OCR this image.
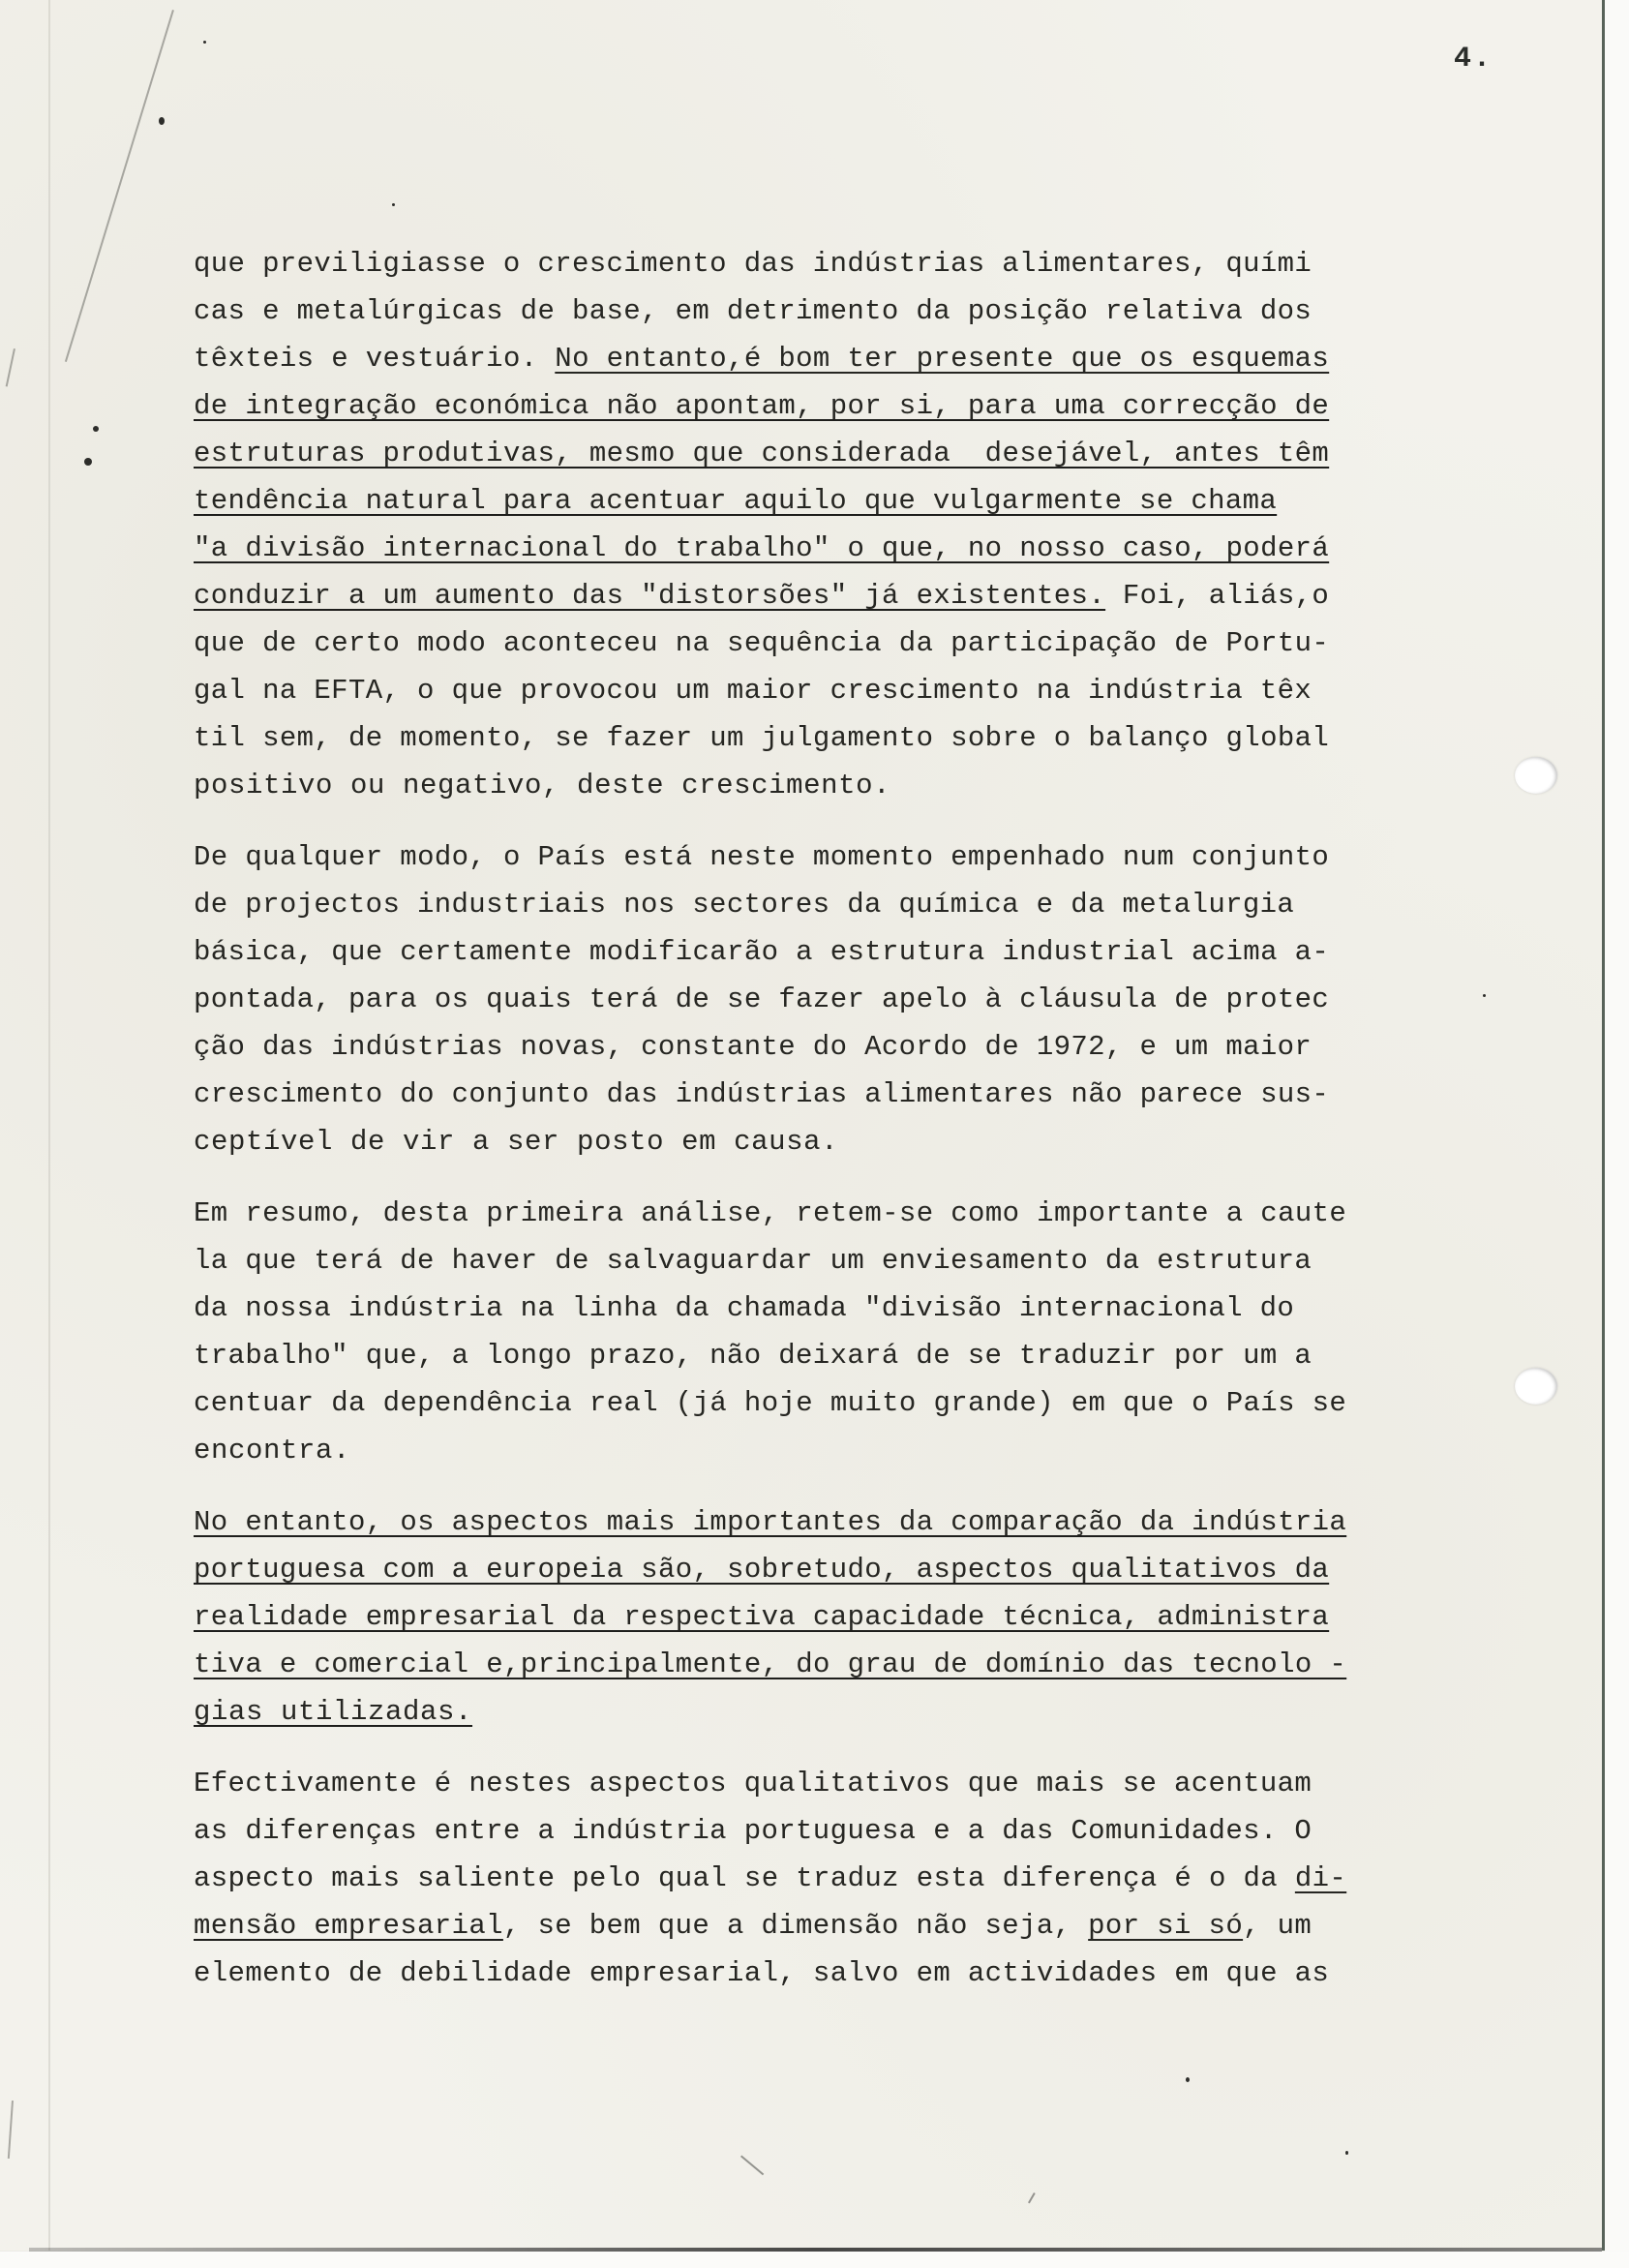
4.
que previligiasse o crescimento das indústrias alimentares, quími
cas e metalúrgicas de base, em detrimento da posição relativa dos
têxteis e vestuário. No entanto,é bom ter presente que os esquemas
de integração económica não apontam, por si, para uma correcção de
estruturas produtivas, mesmo que considerada  desejável, antes têm
tendência natural para acentuar aquilo que vulgarmente se chama
"a divisão internacional do trabalho" o que, no nosso caso, poderá
conduzir a um aumento das "distorsões" já existentes. Foi, aliás,o
que de certo modo aconteceu na sequência da participação de Portu-
gal na EFTA, o que provocou um maior crescimento na indústria têx
til sem, de momento, se fazer um julgamento sobre o balanço global
positivo ou negativo, deste crescimento.
De qualquer modo, o País está neste momento empenhado num conjunto
de projectos industriais nos sectores da química e da metalurgia
básica, que certamente modificarão a estrutura industrial acima a-
pontada, para os quais terá de se fazer apelo à cláusula de protec
ção das indústrias novas, constante do Acordo de 1972, e um maior
crescimento do conjunto das indústrias alimentares não parece sus-
ceptível de vir a ser posto em causa.
Em resumo, desta primeira análise, retem-se como importante a caute
la que terá de haver de salvaguardar um enviesamento da estrutura
da nossa indústria na linha da chamada "divisão internacional do
trabalho" que, a longo prazo, não deixará de se traduzir por um a
centuar da dependência real (já hoje muito grande) em que o País se
encontra.
No entanto, os aspectos mais importantes da comparação da indústria
portuguesa com a europeia são, sobretudo, aspectos qualitativos da
realidade empresarial da respectiva capacidade técnica, administra
tiva e comercial e,principalmente, do grau de domínio das tecnolo -
gias utilizadas.
Efectivamente é nestes aspectos qualitativos que mais se acentuam
as diferenças entre a indústria portuguesa e a das Comunidades. O
aspecto mais saliente pelo qual se traduz esta diferença é o da di-
mensão empresarial, se bem que a dimensão não seja, por si só, um
elemento de debilidade empresarial, salvo em actividades em que as
